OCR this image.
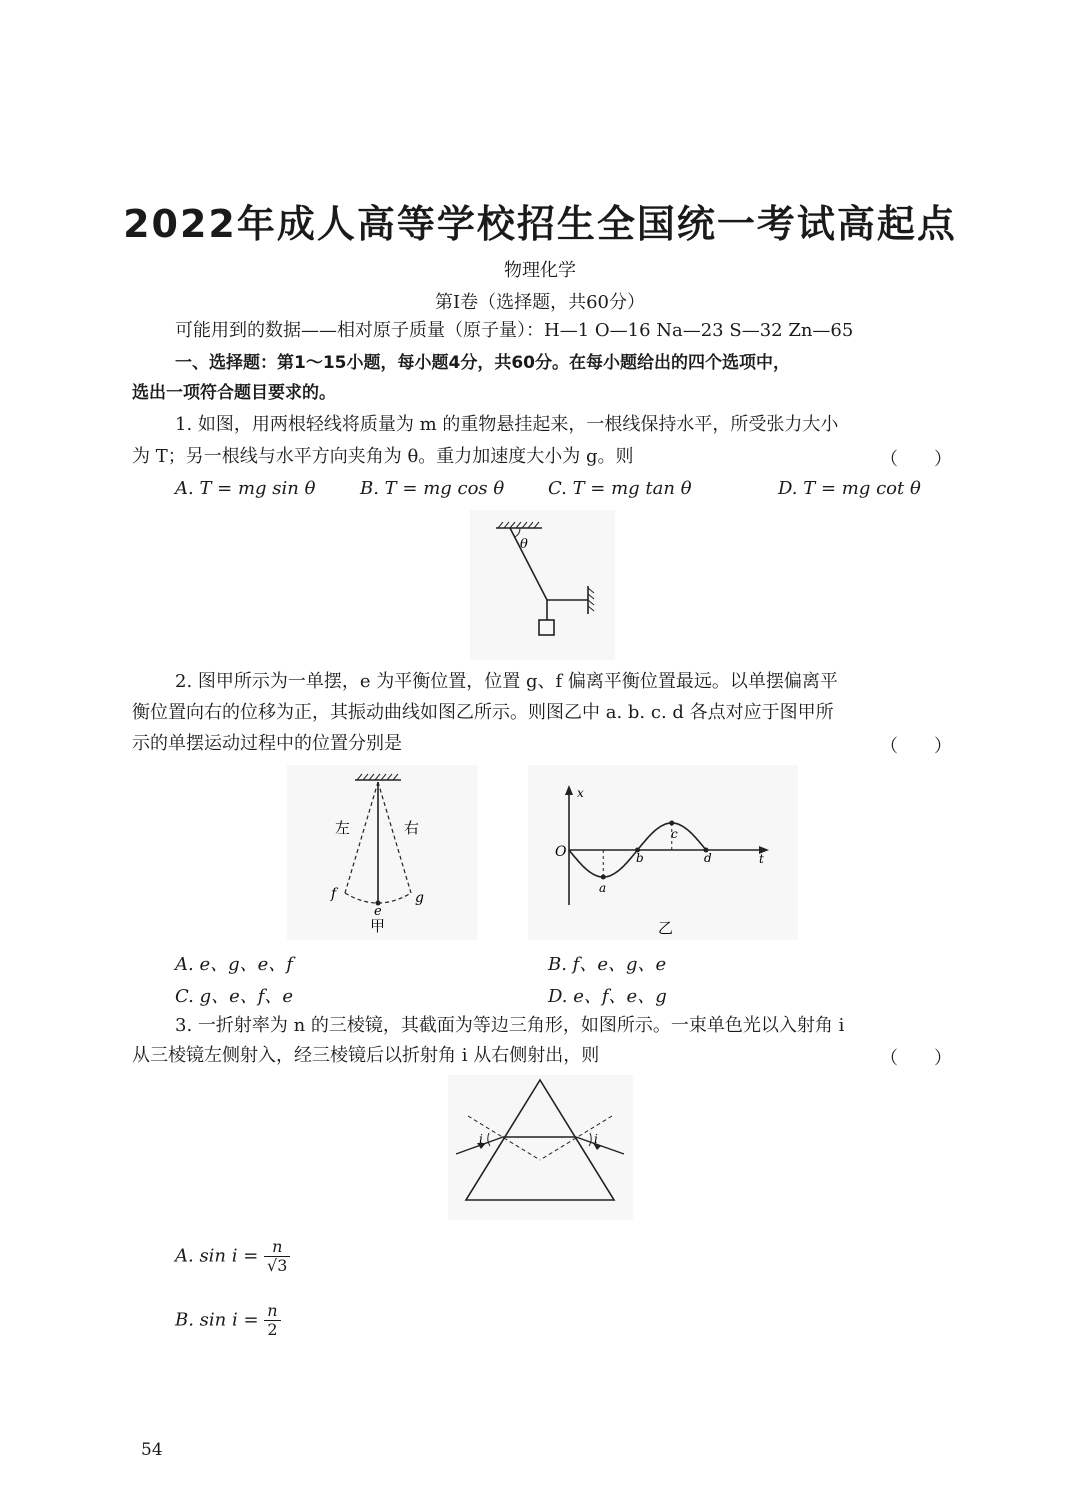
2022年成人高等学校招生全国统一考试高起点
物理化学
第Ⅰ卷（选择题，共60分）
可能用到的数据——相对原子质量（原子量）：H—1 O—16 Na—23 S—32 Zn—65
一、选择题：第1～15小题，每小题4分，共60分。在每小题给出的四个选项中，
选出一项符合题目要求的。
1. 如图，用两根轻线将质量为 m 的重物悬挂起来，一根线保持水平，所受张力大小
为 T；另一根线与水平方向夹角为 θ。重力加速度大小为 g。则	（　　）
A. T = mg sin θ B. T = mg cos θ C. T = mg tan θ	D. T = mg cot θ
θ
2. 图甲所示为一单摆，e 为平衡位置，位置 g、f 偏离平衡位置最远。以单摆偏离平
衡位置向右的位移为正，其振动曲线如图乙所示。则图乙中 a. b. c. d 各点对应于图甲所
示的单摆运动过程中的位置分别是	（　　）
左	右
f	g
e
甲
x
t
O
a
b
c
d
乙
A. e、g、e、f	B. f、e、g、e
C. g、e、f、e	D. e、f、e、g
3. 一折射率为 n 的三棱镜，其截面为等边三角形，如图所示。一束单色光以入射角 i
从三棱镜左侧射入，经三棱镜后以折射角 i 从右侧射出，则	（　　）
i	i
A. $\sin i = \frac{n}{√3}$
B. $\sin i = \frac{n}{2}$
54
